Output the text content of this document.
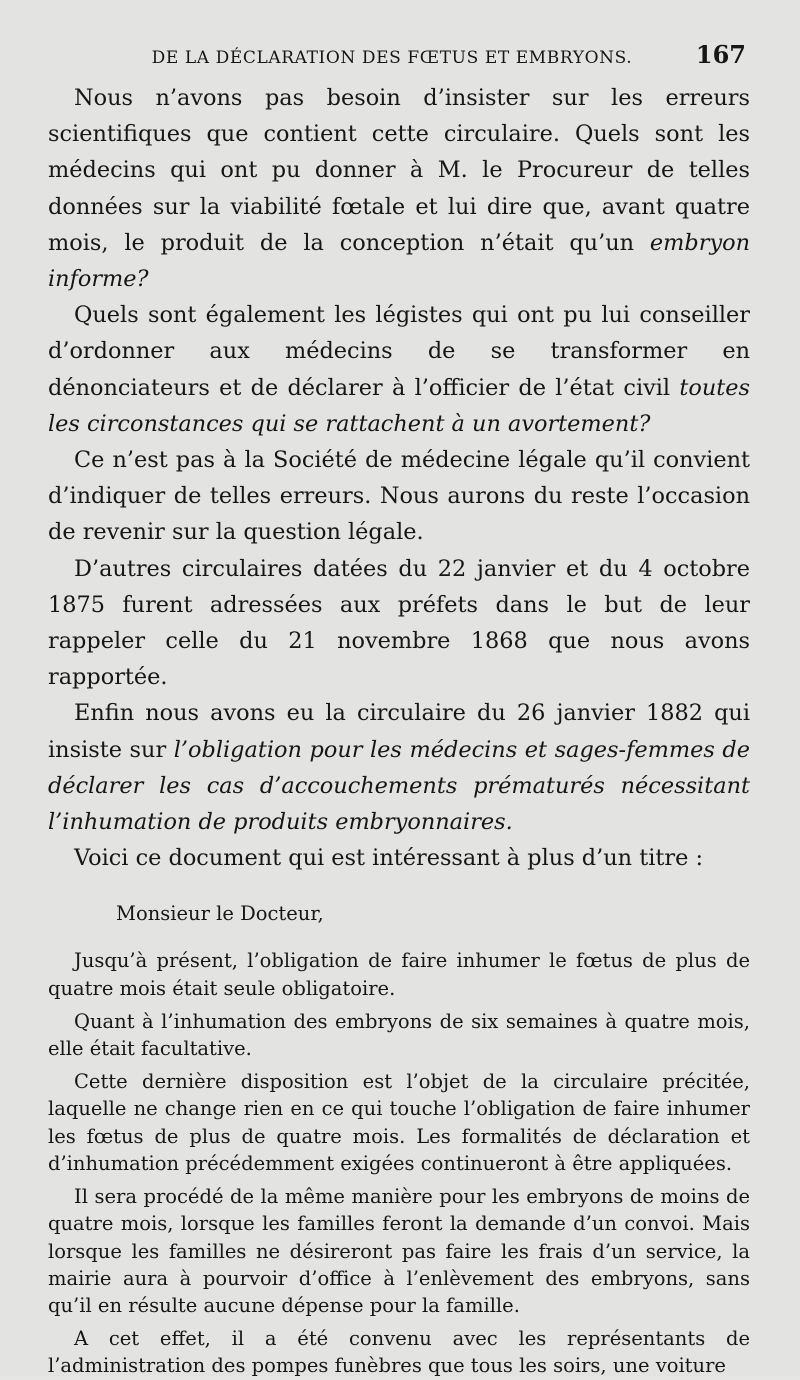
DE LA DÉCLARATION DES FŒTUS ET EMBRYONS.	167

Nous n’avons pas besoin d’insister sur les erreurs scientifiques que contient cette circulaire. Quels sont les médecins qui ont pu donner à M. le Procureur de telles données sur la viabilité fœtale et lui dire que, avant quatre mois, le produit de la conception n’était qu’un embryon informe?

Quels sont également les légistes qui ont pu lui conseiller d’ordonner aux médecins de se transformer en dénonciateurs et de déclarer à l’officier de l’état civil toutes les circonstances qui se rattachent à un avortement?

Ce n’est pas à la Société de médecine légale qu’il convient d’indiquer de telles erreurs. Nous aurons du reste l’occasion de revenir sur la question légale.

D’autres circulaires datées du 22 janvier et du 4 octobre 1875 furent adressées aux préfets dans le but de leur rappeler celle du 21 novembre 1868 que nous avons rapportée.

Enfin nous avons eu la circulaire du 26 janvier 1882 qui insiste sur l’obligation pour les médecins et sages-femmes de déclarer les cas d’accouchements prématurés nécessitant l’inhumation de produits embryonnaires.

Voici ce document qui est intéressant à plus d’un titre :

Monsieur le Docteur,

Jusqu’à présent, l’obligation de faire inhumer le fœtus de plus de quatre mois était seule obligatoire.

Quant à l’inhumation des embryons de six semaines à quatre mois, elle était facultative.

Cette dernière disposition est l’objet de la circulaire précitée, laquelle ne change rien en ce qui touche l’obligation de faire inhumer les fœtus de plus de quatre mois. Les formalités de déclaration et d’inhumation précédemment exigées continueront à être appliquées.

Il sera procédé de la même manière pour les embryons de moins de quatre mois, lorsque les familles feront la demande d’un convoi. Mais lorsque les familles ne désireront pas faire les frais d’un service, la mairie aura à pourvoir d’office à l’enlèvement des embryons, sans qu’il en résulte aucune dépense pour la famille.

A cet effet, il a été convenu avec les représentants de l’administration des pompes funèbres que tous les soirs, une voiture
